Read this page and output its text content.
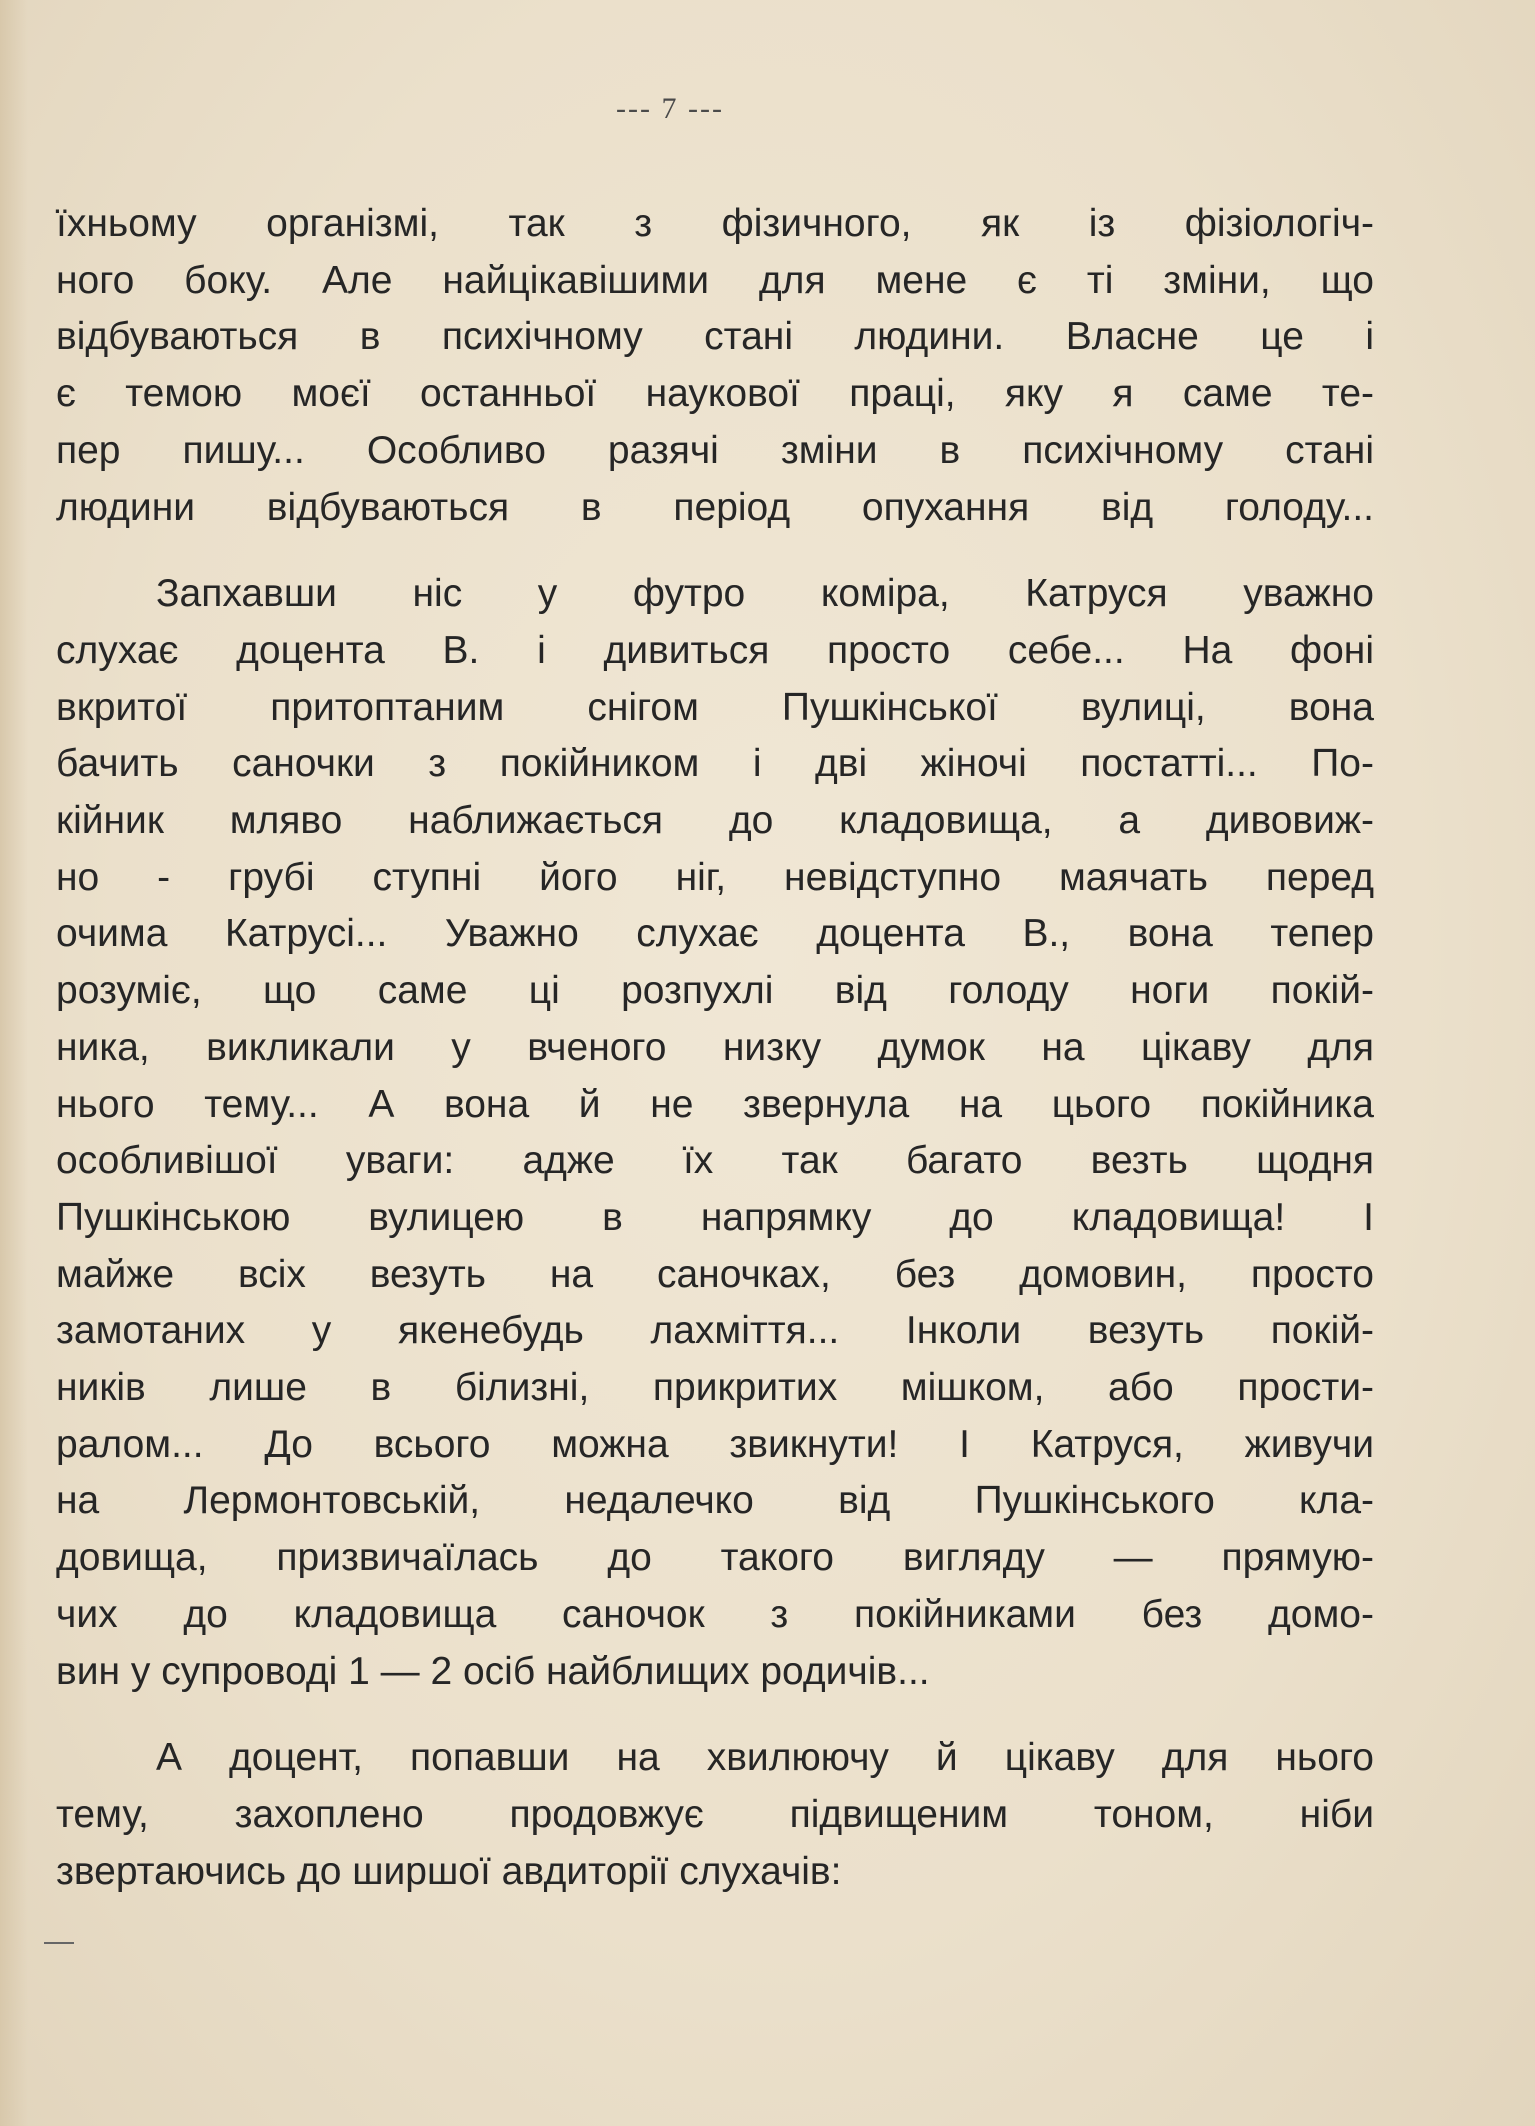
--- 7 ---

їхньому організмі, так з фізичного, як із фізіологіч-
ного боку. Але найцікавішими для мене є ті зміни, що
відбуваються в психічному стані людини. Власне це і
є темою моєї останньої наукової праці, яку я саме те-
пер пишу... Особливо разячі зміни в психічному стані
людини відбуваються в період опухання від голоду...

Запхавши ніс у футро коміра, Катруся уважно
слухає доцента В. і дивиться просто себе... На фоні
вкритої притоптаним снігом Пушкінської вулиці, вона
бачить саночки з покійником і дві жіночі постатті... По-
кійник мляво наближається до кладовища, а дивовиж-
но - грубі ступні його ніг, невідступно маячать перед
очима Катрусі... Уважно слухає доцента В., вона тепер
розуміє, що саме ці розпухлі від голоду ноги покій-
ника, викликали у вченого низку думок на цікаву для
нього тему... А вона й не звернула на цього покійника
особливішої уваги: адже їх так багато везть щодня
Пушкінською вулицею в напрямку до кладовища! І
майже всіх везуть на саночках, без домовин, просто
замотаних у якенебудь лахміття... Інколи везуть покій-
ників лише в білизні, прикритих мішком, або прости-
ралом... До всього можна звикнути! І Катруся, живучи
на Лермонтовській, недалечко від Пушкінського кла-
довища, призвичаїлась до такого вигляду — прямую-
чих до кладовища саночок з покійниками без домо-
вин у супроводі 1 — 2 осіб найблищих родичів...

А доцент, попавши на хвилюючу й цікаву для нього
тему, захоплено продовжує підвищеним тоном, ніби
звертаючись до ширшої авдиторії слухачів:
